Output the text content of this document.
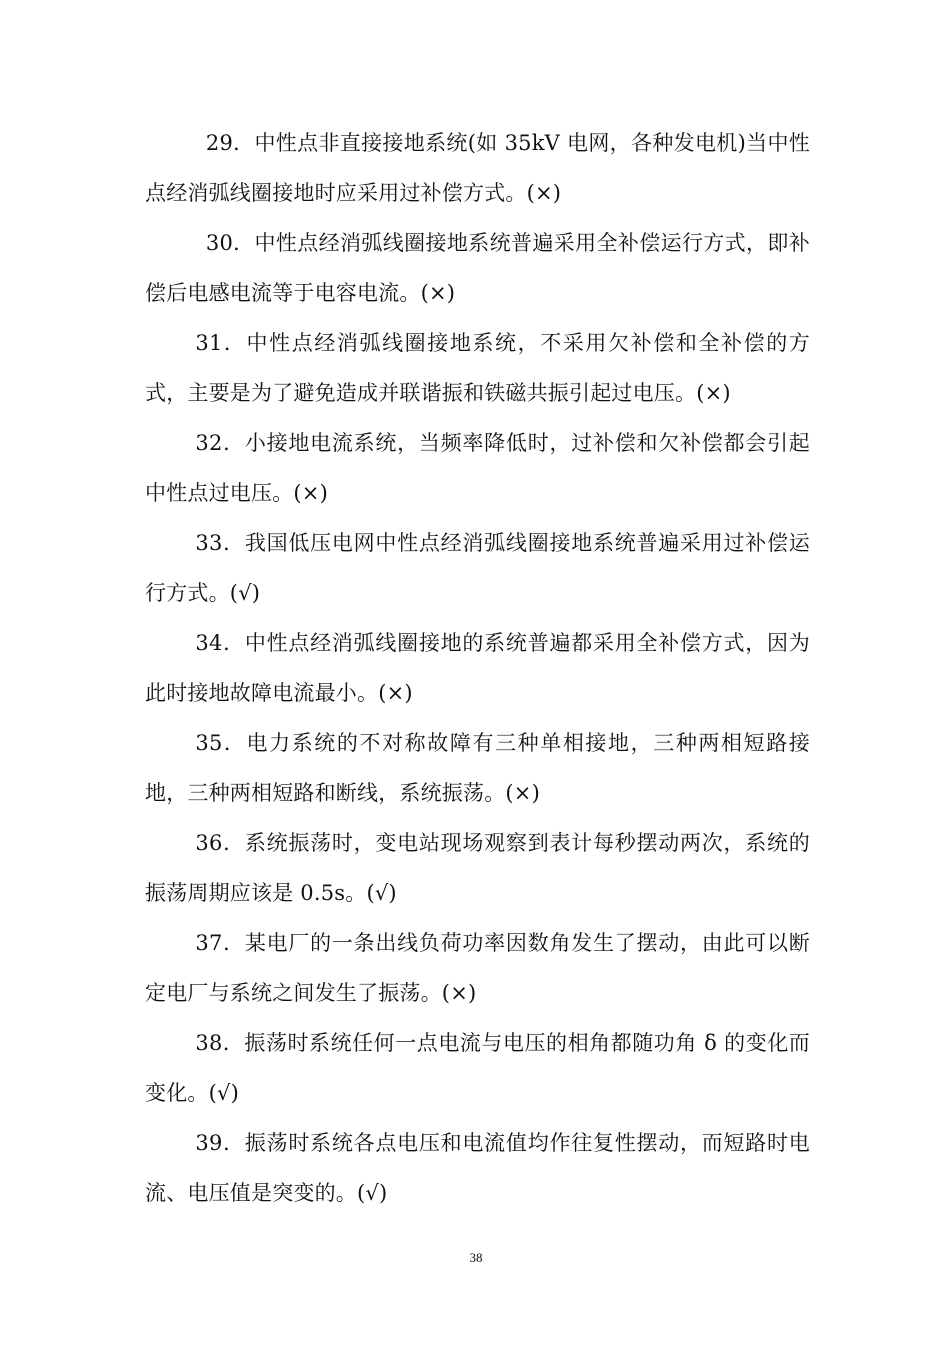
29．中性点非直接接地系统(如 35kV 电网，各种发电机)当中性点经消弧线圈接地时应采用过补偿方式。(×)

30．中性点经消弧线圈接地系统普遍采用全补偿运行方式，即补偿后电感电流等于电容电流。(×)

31．中性点经消弧线圈接地系统，不采用欠补偿和全补偿的方式，主要是为了避免造成并联谐振和铁磁共振引起过电压。(×)

32．小接地电流系统，当频率降低时，过补偿和欠补偿都会引起中性点过电压。(×)

33．我国低压电网中性点经消弧线圈接地系统普遍采用过补偿运行方式。(√)

34．中性点经消弧线圈接地的系统普遍都采用全补偿方式，因为此时接地故障电流最小。(×)

35．电力系统的不对称故障有三种单相接地，三种两相短路接地，三种两相短路和断线，系统振荡。(×)

36．系统振荡时，变电站现场观察到表计每秒摆动两次，系统的振荡周期应该是 0.5s。(√)

37．某电厂的一条出线负荷功率因数角发生了摆动，由此可以断定电厂与系统之间发生了振荡。(×)

38．振荡时系统任何一点电流与电压的相角都随功角 δ 的变化而变化。(√)

39．振荡时系统各点电压和电流值均作往复性摆动，而短路时电流、电压值是突变的。(√)

38
